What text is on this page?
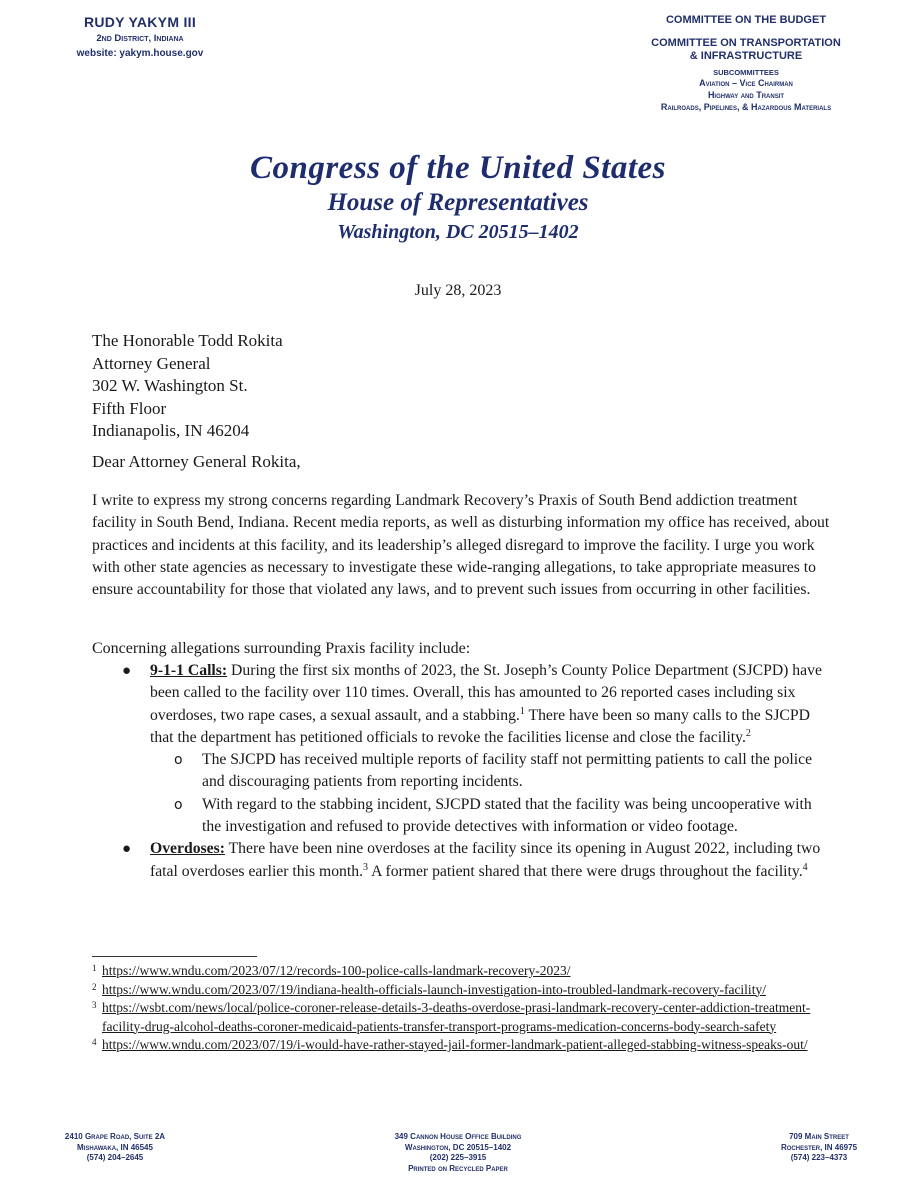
RUDY YAKYM III
2nd District, Indiana
website: yakym.house.gov
COMMITTEE ON THE BUDGET
COMMITTEE ON TRANSPORTATION
& INFRASTRUCTURE
SUBCOMMITTEES
Aviation – Vice Chairman
Highway and Transit
Railroads, Pipelines, & Hazardous Materials
Congress of the United States
House of Representatives
Washington, DC 20515–1402
July 28, 2023
The Honorable Todd Rokita
Attorney General
302 W. Washington St.
Fifth Floor
Indianapolis, IN 46204
Dear Attorney General Rokita,
I write to express my strong concerns regarding Landmark Recovery’s Praxis of South Bend addiction treatment facility in South Bend, Indiana. Recent media reports, as well as disturbing information my office has received, about practices and incidents at this facility, and its leadership’s alleged disregard to improve the facility. I urge you work with other state agencies as necessary to investigate these wide-ranging allegations, to take appropriate measures to ensure accountability for those that violated any laws, and to prevent such issues from occurring in other facilities.
Concerning allegations surrounding Praxis facility include:
● 9-1-1 Calls: During the first six months of 2023, the St. Joseph’s County Police Department (SJCPD) have been called to the facility over 110 times. Overall, this has amounted to 26 reported cases including six overdoses, two rape cases, a sexual assault, and a stabbing.$^1$ There have been so many calls to the SJCPD that the department has petitioned officials to revoke the facilities license and close the facility.$^2$
o The SJCPD has received multiple reports of facility staff not permitting patients to call the police and discouraging patients from reporting incidents.
o With regard to the stabbing incident, SJCPD stated that the facility was being uncooperative with the investigation and refused to provide detectives with information or video footage.
● Overdoses: There have been nine overdoses at the facility since its opening in August 2022, including two fatal overdoses earlier this month.$^3$ A former patient shared that there were drugs throughout the facility.$^4$
1 https://www.wndu.com/2023/07/12/records-100-police-calls-landmark-recovery-2023/
2 https://www.wndu.com/2023/07/19/indiana-health-officials-launch-investigation-into-troubled-landmark-recovery-facility/
3 https://wsbt.com/news/local/police-coroner-release-details-3-deaths-overdose-prasi-landmark-recovery-center-addiction-treatment-facility-drug-alcohol-deaths-coroner-medicaid-patients-transfer-transport-programs-medication-concerns-body-search-safety
4 https://www.wndu.com/2023/07/19/i-would-have-rather-stayed-jail-former-landmark-patient-alleged-stabbing-witness-speaks-out/
2410 Grape Road, Suite 2A
Mishawaka, IN 46545
(574) 204–2645
349 Cannon House Office Building
Washington, DC 20515–1402
(202) 225–3915
Printed on Recycled Paper
709 Main Street
Rochester, IN 46975
(574) 223–4373
